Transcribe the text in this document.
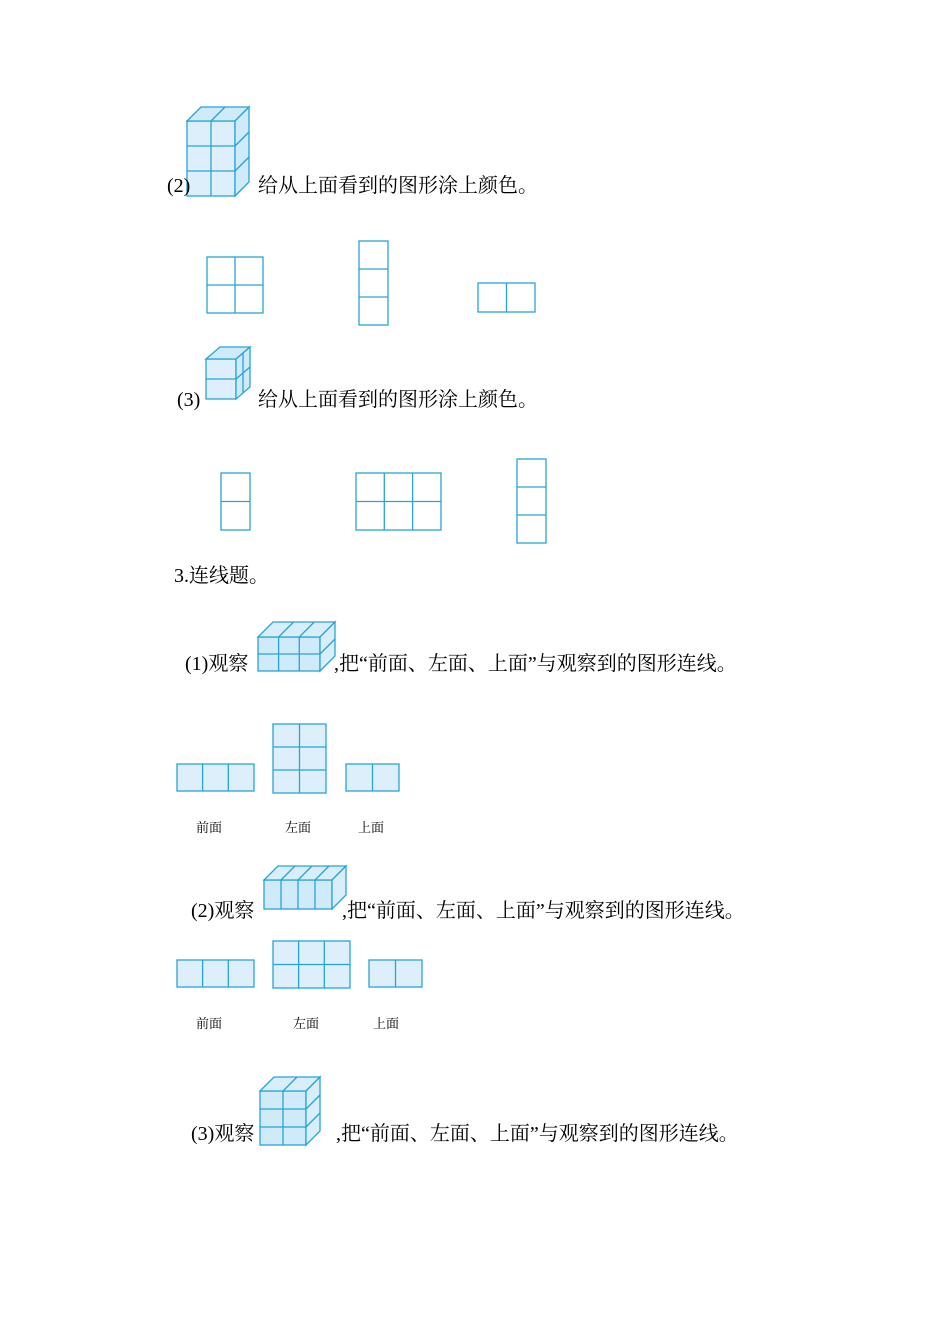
(2)	给从上面看到的图形涂上颜色。
(3)	给从上面看到的图形涂上颜色。
3.连线题。
(1)观察	,把“前面、左面、上面”与观察到的图形连线。
前面	左面	上面
(2)观察	,把“前面、左面、上面”与观察到的图形连线。
前面	左面	上面
(3)观察	,把“前面、左面、上面”与观察到的图形连线。
